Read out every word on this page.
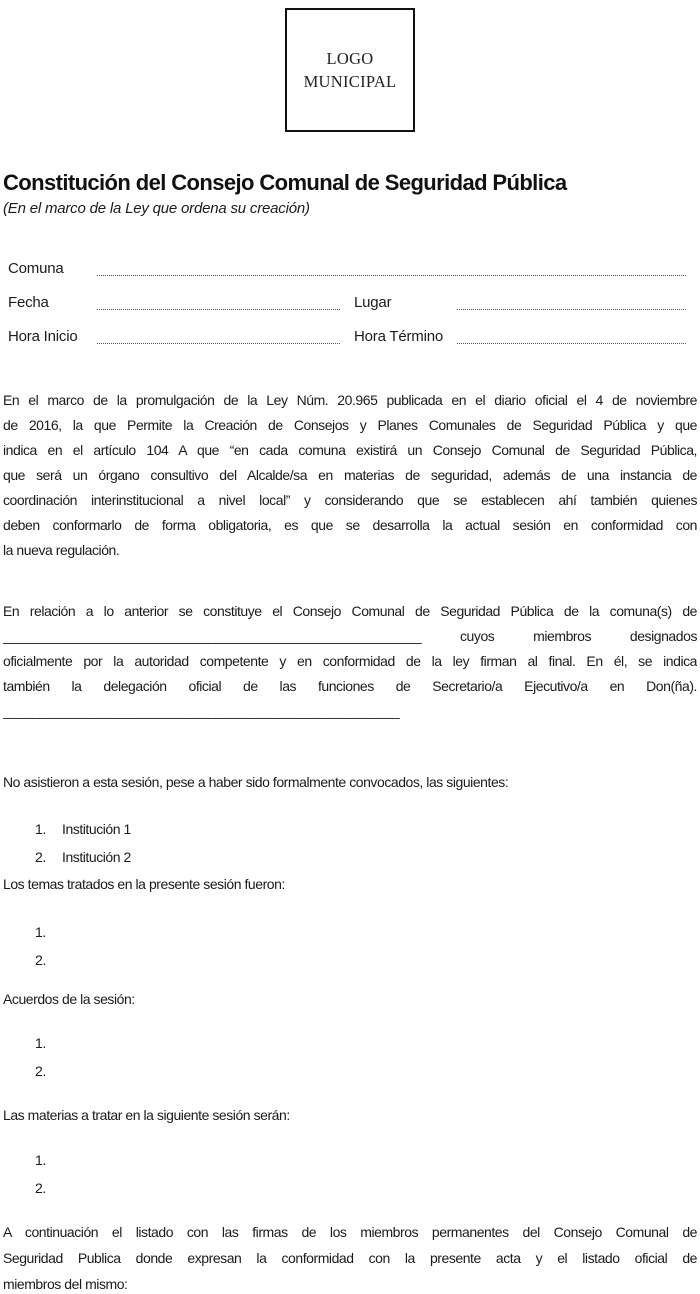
LOGO
MUNICIPAL
Constitución del Consejo Comunal de Seguridad Pública
(En el marco de la Ley que ordena su creación)
Comuna
Fecha	Lugar
Hora Inicio	Hora Término
En el marco de la promulgación de la Ley Núm. 20.965 publicada en el diario oficial el 4 de noviembre
de 2016, la que Permite la Creación de Consejos y Planes Comunales de Seguridad Pública y que
indica en el artículo 104 A que “en cada comuna existirá un Consejo Comunal de Seguridad Pública,
que será un órgano consultivo del Alcalde/sa en materias de seguridad, además de una instancia de
coordinación interinstitucional a nivel local” y considerando que se establecen ahí también quienes
deben conformarlo de forma obligatoria, es que se desarrolla la actual sesión en conformidad con
la nueva regulación.
En relación a lo anterior se constituye el Consejo Comunal de Seguridad Pública de la comuna(s) de
_________________________________________________________ cuyos miembros designados
oficialmente por la autoridad competente y en conformidad de la ley firman al final. En él, se indica
también la delegación oficial de las funciones de Secretario/a Ejecutivo/a en Don(ña).
______________________________________________________
No asistieron a esta sesión, pese a haber sido formalmente convocados, las siguientes:
1. Institución 1
2. Institución 2
Los temas tratados en la presente sesión fueron:
1.
2.
Acuerdos de la sesión:
1.
2.
Las materias a tratar en la siguiente sesión serán:
1.
2.
A continuación el listado con las firmas de los miembros permanentes del Consejo Comunal de
Seguridad Publica donde expresan la conformidad con la presente acta y el listado oficial de
miembros del mismo:
